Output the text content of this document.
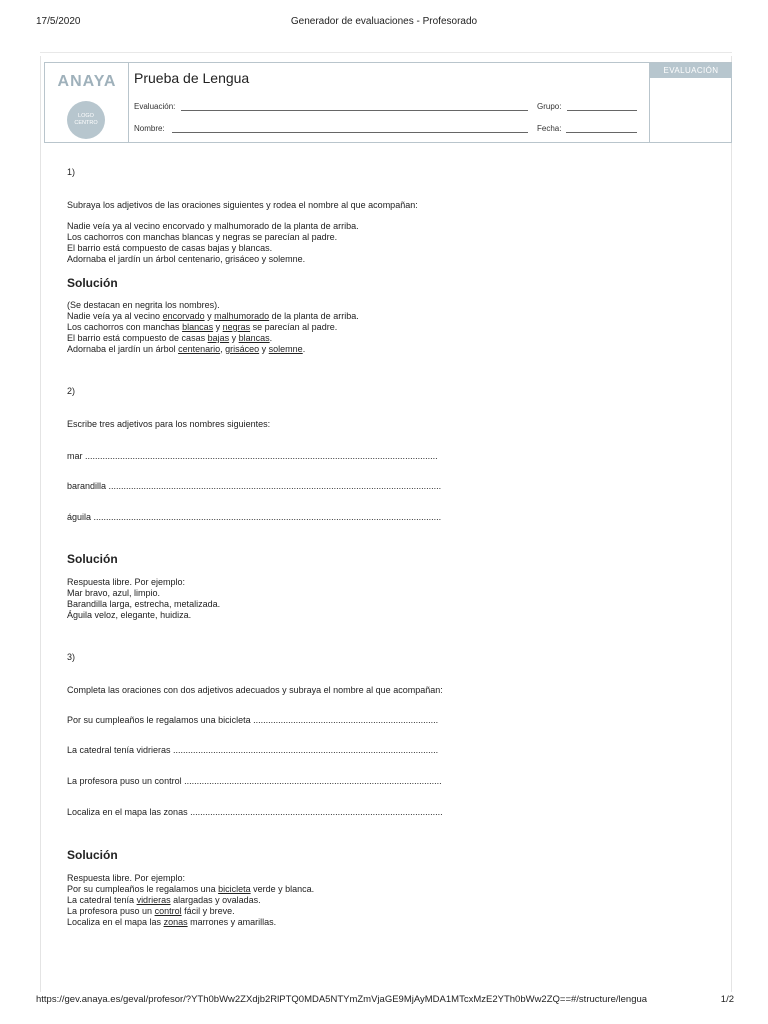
17/5/2020	Generador de evaluaciones - Profesorado
ANAYA
LOGO
CENTRO
Prueba de Lengua
Evaluación:	Grupo:
Nombre:	Fecha:
EVALUACIÓN
1)
Subraya los adjetivos de las oraciones siguientes y rodea el nombre al que acompañan:
Nadie veía ya al vecino encorvado y malhumorado de la planta de arriba.
Los cachorros con manchas blancas y negras se parecían al padre.
El barrio está compuesto de casas bajas y blancas.
Adornaba el jardín un árbol centenario, grisáceo y solemne.
Solución
(Se destacan en negrita los nombres).
Nadie veía ya al vecino encorvado y malhumorado de la planta de arriba.
Los cachorros con manchas blancas y negras se parecían al padre.
El barrio está compuesto de casas bajas y blancas.
Adornaba el jardín un árbol centenario, grisáceo y solemne.
2)
Escribe tres adjetivos para los nombres siguientes:
mar .............................................................................................................................................
barandilla .....................................................................................................................................
águila ...........................................................................................................................................
Solución
Respuesta libre. Por ejemplo:
Mar bravo, azul, limpio.
Barandilla larga, estrecha, metalizada.
Águila veloz, elegante, huidiza.
3)
Completa las oraciones con dos adjetivos adecuados y subraya el nombre al que acompañan:
Por su cumpleaños le regalamos una bicicleta ..........................................................................
La catedral tenía vidrieras ..........................................................................................................
La profesora puso un control .......................................................................................................
Localiza en el mapa las zonas .....................................................................................................
Solución
Respuesta libre. Por ejemplo:
Por su cumpleaños le regalamos una bicicleta verde y blanca.
La catedral tenía vidrieras alargadas y ovaladas.
La profesora puso un control fácil y breve.
Localiza en el mapa las zonas marrones y amarillas.
https://gev.anaya.es/geval/profesor/?YTh0bWw2ZXdjb2RlPTQ0MDA5NTYmZmVjaGE9MjAyMDA1MTcxMzE2YTh0bWw2ZQ==#/structure/lengua	1/2
